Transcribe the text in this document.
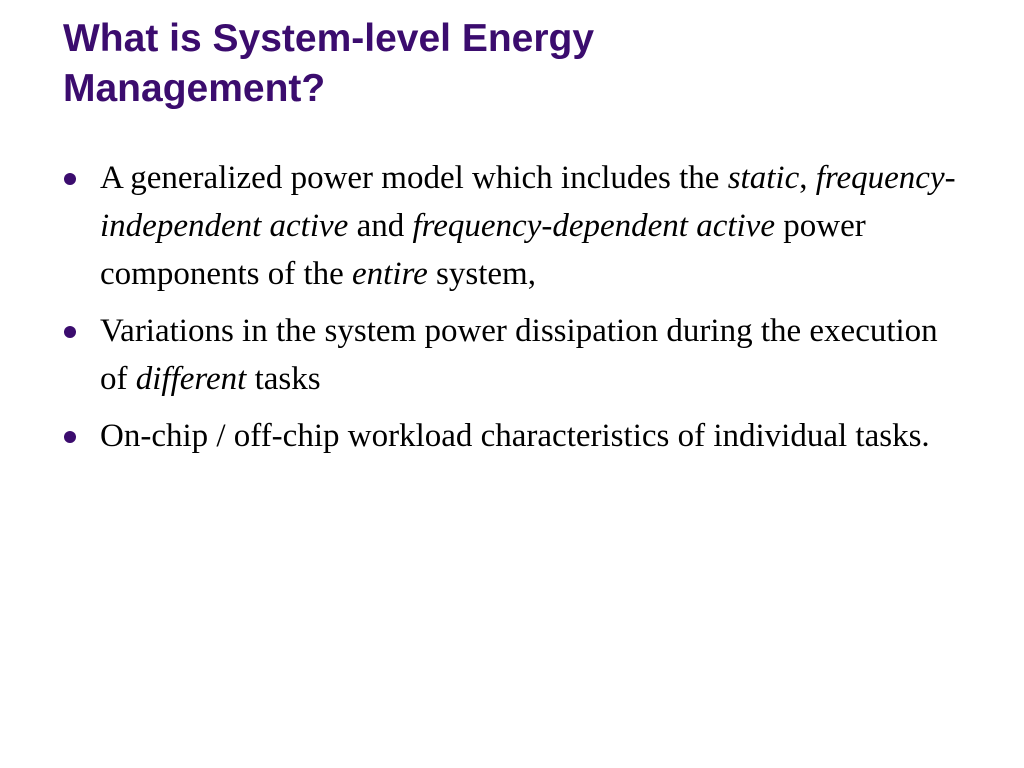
What is System-level Energy
Management?
A generalized power model which includes the static, frequency-independent active and frequency-dependent active power components of the entire system,
Variations in the system power dissipation during the execution of different tasks
On-chip / off-chip workload characteristics of individual tasks.
